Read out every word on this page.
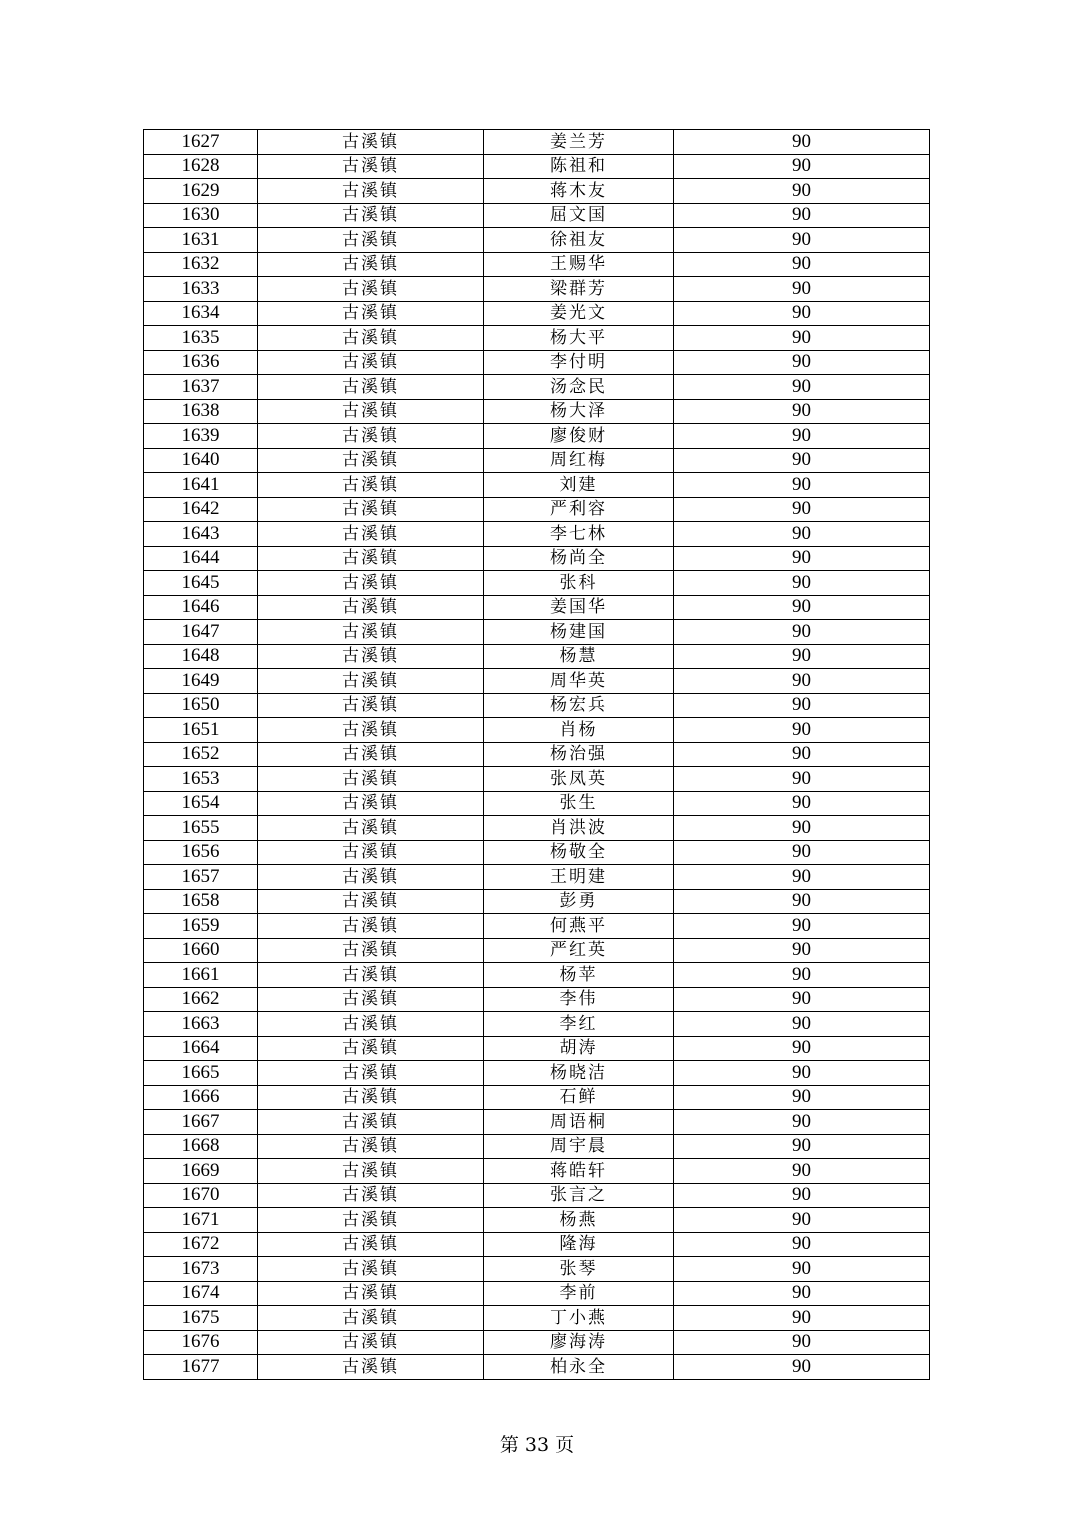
1627	古溪镇	姜兰芳	90
1628	古溪镇	陈祖和	90
1629	古溪镇	蒋木友	90
1630	古溪镇	屈文国	90
1631	古溪镇	徐祖友	90
1632	古溪镇	王赐华	90
1633	古溪镇	梁群芳	90
1634	古溪镇	姜光文	90
1635	古溪镇	杨大平	90
1636	古溪镇	李付明	90
1637	古溪镇	汤念民	90
1638	古溪镇	杨大泽	90
1639	古溪镇	廖俊财	90
1640	古溪镇	周红梅	90
1641	古溪镇	刘建	90
1642	古溪镇	严利容	90
1643	古溪镇	李七林	90
1644	古溪镇	杨尚全	90
1645	古溪镇	张科	90
1646	古溪镇	姜国华	90
1647	古溪镇	杨建国	90
1648	古溪镇	杨慧	90
1649	古溪镇	周华英	90
1650	古溪镇	杨宏兵	90
1651	古溪镇	肖杨	90
1652	古溪镇	杨治强	90
1653	古溪镇	张凤英	90
1654	古溪镇	张生	90
1655	古溪镇	肖洪波	90
1656	古溪镇	杨敬全	90
1657	古溪镇	王明建	90
1658	古溪镇	彭勇	90
1659	古溪镇	何燕平	90
1660	古溪镇	严红英	90
1661	古溪镇	杨苹	90
1662	古溪镇	李伟	90
1663	古溪镇	李红	90
1664	古溪镇	胡涛	90
1665	古溪镇	杨晓洁	90
1666	古溪镇	石鲜	90
1667	古溪镇	周语桐	90
1668	古溪镇	周宇晨	90
1669	古溪镇	蒋皓轩	90
1670	古溪镇	张言之	90
1671	古溪镇	杨燕	90
1672	古溪镇	隆海	90
1673	古溪镇	张琴	90
1674	古溪镇	李前	90
1675	古溪镇	丁小燕	90
1676	古溪镇	廖海涛	90
1677	古溪镇	柏永全	90
第 33 页
